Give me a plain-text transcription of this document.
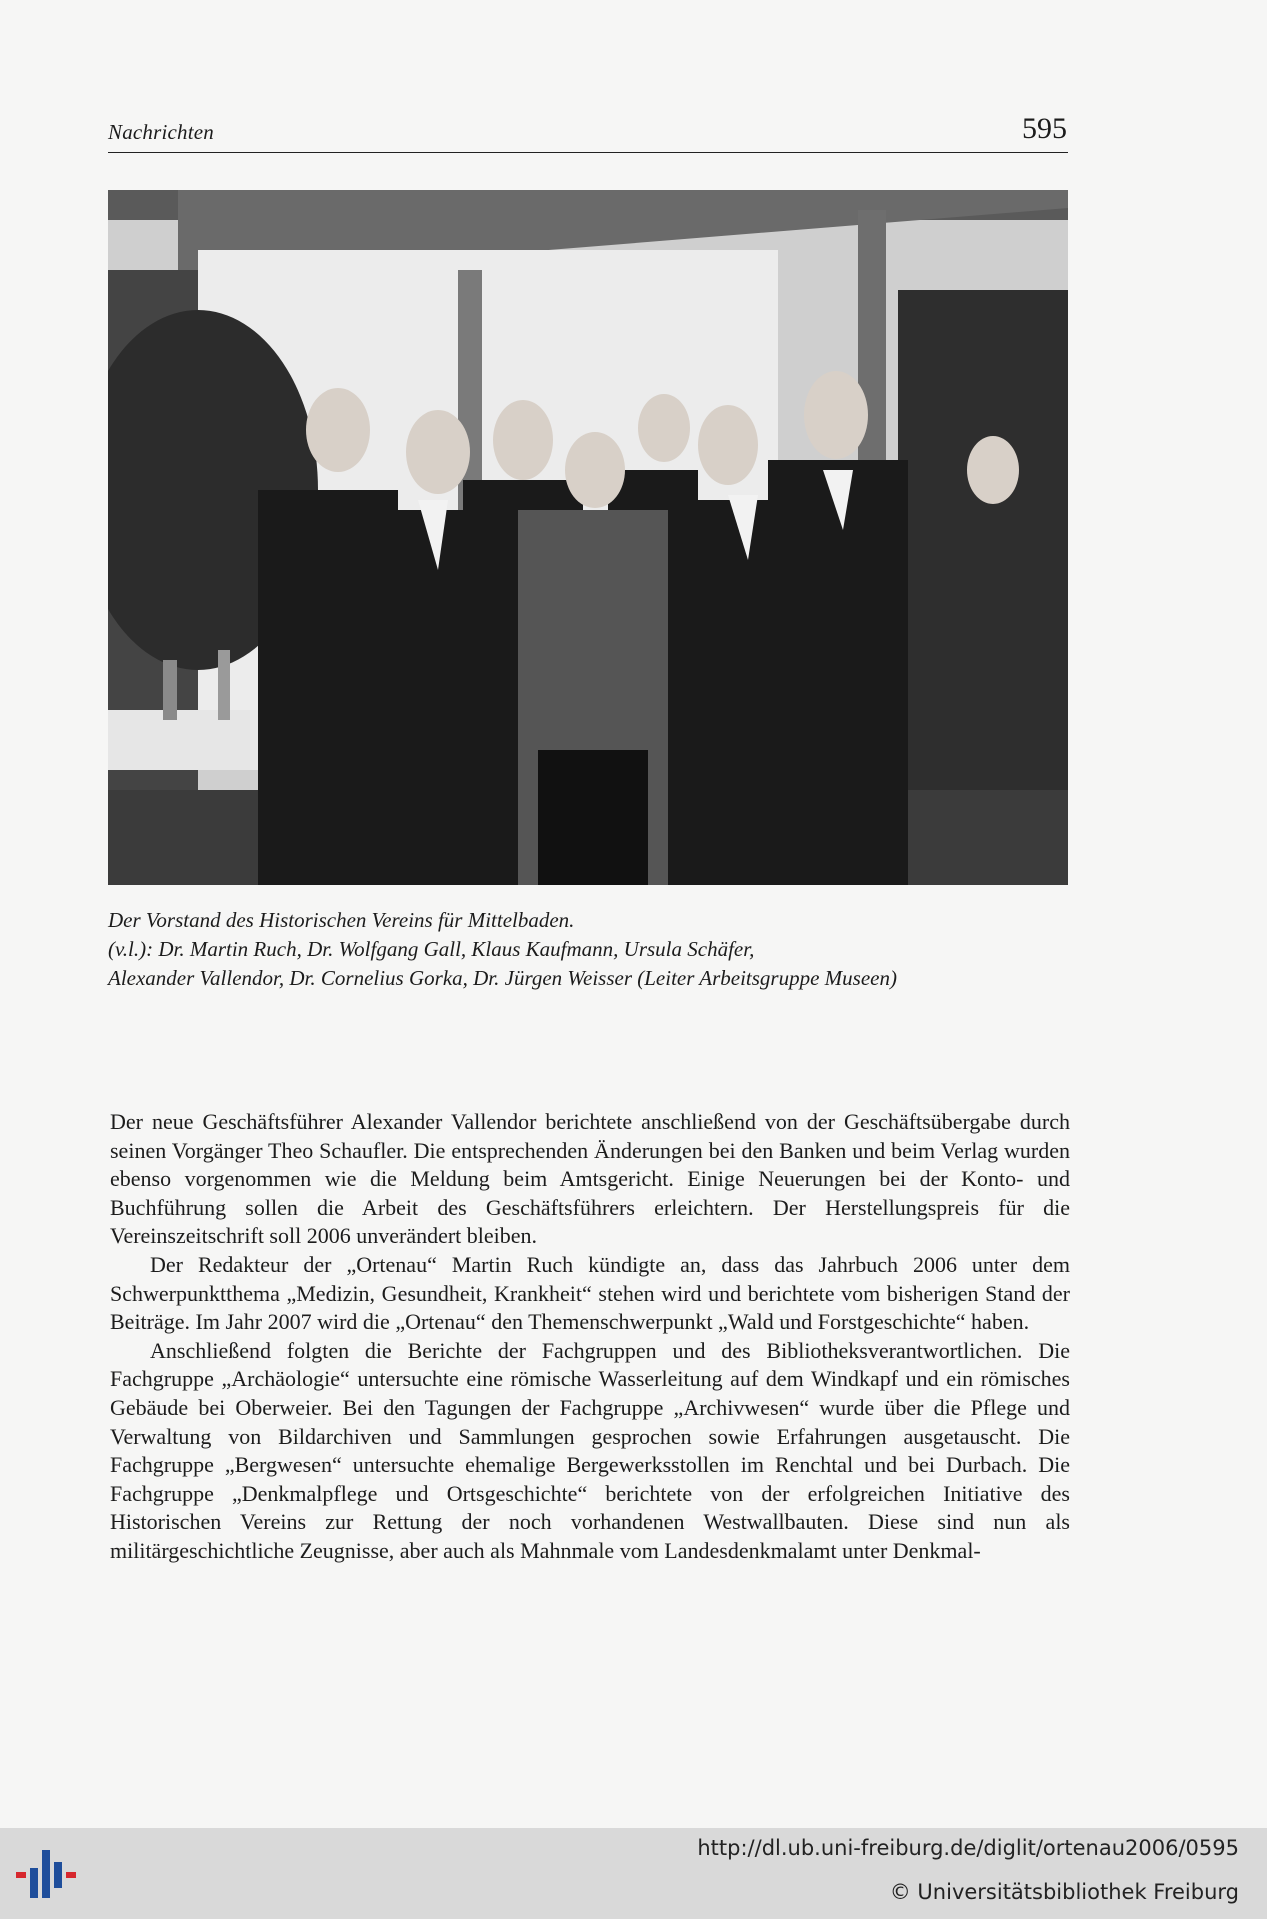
Nachrichten	595
Der Vorstand des Historischen Vereins für Mittelbaden.
(v.l.): Dr. Martin Ruch, Dr. Wolfgang Gall, Klaus Kaufmann, Ursula Schäfer,
Alexander Vallendor, Dr. Cornelius Gorka, Dr. Jürgen Weisser (Leiter Arbeitsgruppe Museen)

Der neue Geschäftsführer Alexander Vallendor berichtete anschließend von der Geschäftsübergabe durch seinen Vorgänger Theo Schaufler. Die entsprechenden Änderungen bei den Banken und beim Verlag wurden ebenso vorgenommen wie die Meldung beim Amtsgericht. Einige Neuerungen bei der Konto- und Buchführung sollen die Arbeit des Geschäftsführers erleichtern. Der Herstellungspreis für die Vereinszeitschrift soll 2006 unverändert bleiben.

Der Redakteur der „Ortenau“ Martin Ruch kündigte an, dass das Jahrbuch 2006 unter dem Schwerpunktthema „Medizin, Gesundheit, Krankheit“ stehen wird und berichtete vom bisherigen Stand der Beiträge. Im Jahr 2007 wird die „Ortenau“ den Themenschwerpunkt „Wald und Forstgeschichte“ haben.

Anschließend folgten die Berichte der Fachgruppen und des Bibliotheksverantwortlichen. Die Fachgruppe „Archäologie“ untersuchte eine römische Wasserleitung auf dem Windkapf und ein römisches Gebäude bei Oberweier. Bei den Tagungen der Fachgruppe „Archivwesen“ wurde über die Pflege und Verwaltung von Bildarchiven und Sammlungen gesprochen sowie Erfahrungen ausgetauscht. Die Fachgruppe „Bergwesen“ untersuchte ehemalige Bergewerksstollen im Renchtal und bei Durbach. Die Fachgruppe „Denkmalpflege und Ortsgeschichte“ berichtete von der erfolgreichen Initiative des Historischen Vereins zur Rettung der noch vorhandenen Westwallbauten. Diese sind nun als militärgeschichtliche Zeugnisse, aber auch als Mahnmale vom Landesdenkmalamt unter Denkmal-

http://dl.ub.uni-freiburg.de/diglit/ortenau2006/0595
© Universitätsbibliothek Freiburg
